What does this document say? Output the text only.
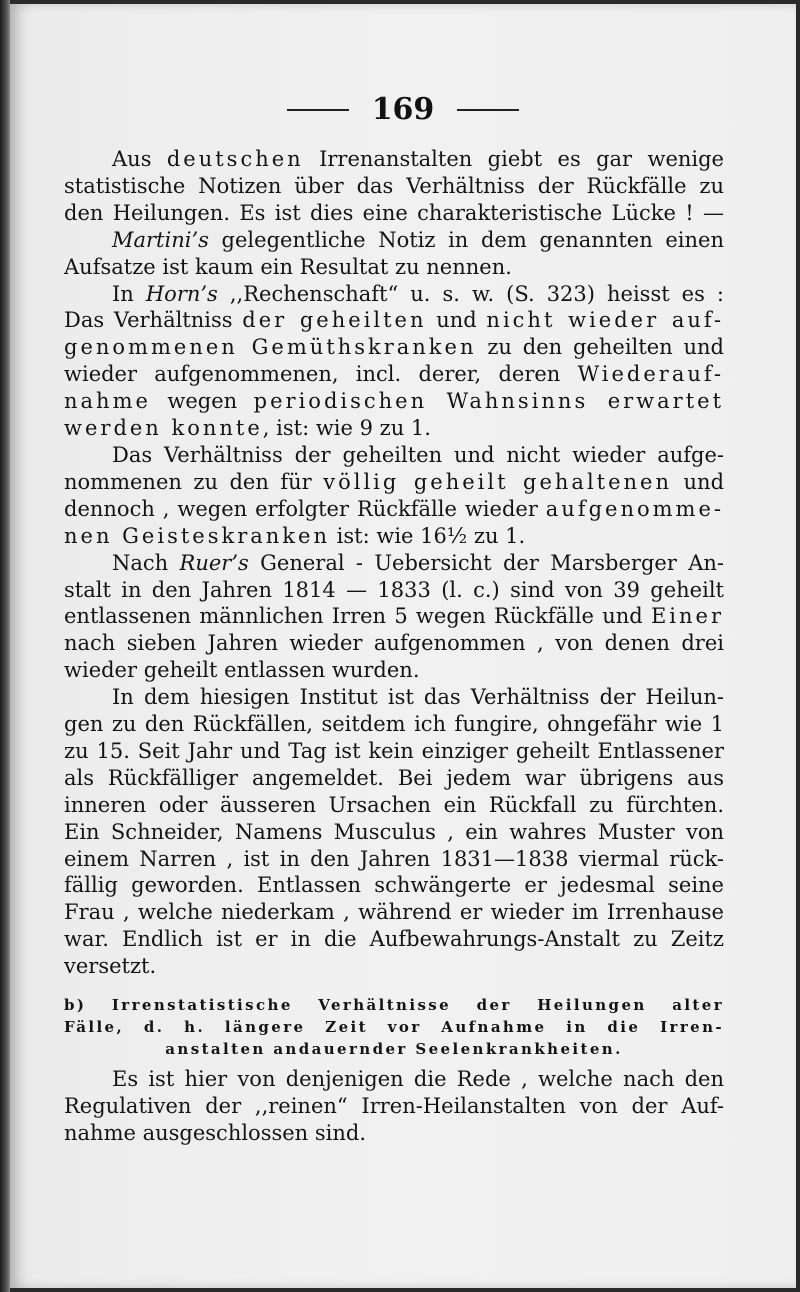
169
Aus deutschen Irrenanstalten giebt es gar wenige
statistische Notizen über das Verhältniss der Rückfälle zu
den Heilungen. Es ist dies eine charakteristische Lücke ! —
Martini’s gelegentliche Notiz in dem genannten einen
Aufsatze ist kaum ein Resultat zu nennen.
In Horn’s ,,Rechenschaft“ u. s. w. (S. 323) heisst es :
Das Verhältniss der geheilten und nicht wieder auf-
genommenen Gemüthskranken zu den geheilten und
wieder aufgenommenen, incl. derer, deren Wiederauf-
nahme wegen periodischen Wahnsinns erwartet
werden konnte, ist: wie 9 zu 1.
Das Verhältniss der geheilten und nicht wieder aufge-
nommenen zu den für völlig geheilt gehaltenen und
dennoch , wegen erfolgter Rückfälle wieder aufgenomme-
nen Geisteskranken ist: wie 16½ zu 1.
Nach Ruer’s General - Uebersicht der Marsberger An-
stalt in den Jahren 1814 — 1833 (l. c.) sind von 39 geheilt
entlassenen männlichen Irren 5 wegen Rückfälle und Einer
nach sieben Jahren wieder aufgenommen , von denen drei
wieder geheilt entlassen wurden.
In dem hiesigen Institut ist das Verhältniss der Heilun-
gen zu den Rückfällen, seitdem ich fungire, ohngefähr wie 1
zu 15. Seit Jahr und Tag ist kein einziger geheilt Entlassener
als Rückfälliger angemeldet. Bei jedem war übrigens aus
inneren oder äusseren Ursachen ein Rückfall zu fürchten.
Ein Schneider, Namens Musculus , ein wahres Muster von
einem Narren , ist in den Jahren 1831—1838 viermal rück-
fällig geworden. Entlassen schwängerte er jedesmal seine
Frau , welche niederkam , während er wieder im Irrenhause
war. Endlich ist er in die Aufbewahrungs-Anstalt zu Zeitz
versetzt.
b) Irrenstatistische Verhältnisse der Heilungen alter
Fälle, d. h. längere Zeit vor Aufnahme in die Irren-
anstalten andauernder Seelenkrankheiten.
Es ist hier von denjenigen die Rede , welche nach den
Regulativen der ,,reinen“ Irren-Heilanstalten von der Auf-
nahme ausgeschlossen sind.
